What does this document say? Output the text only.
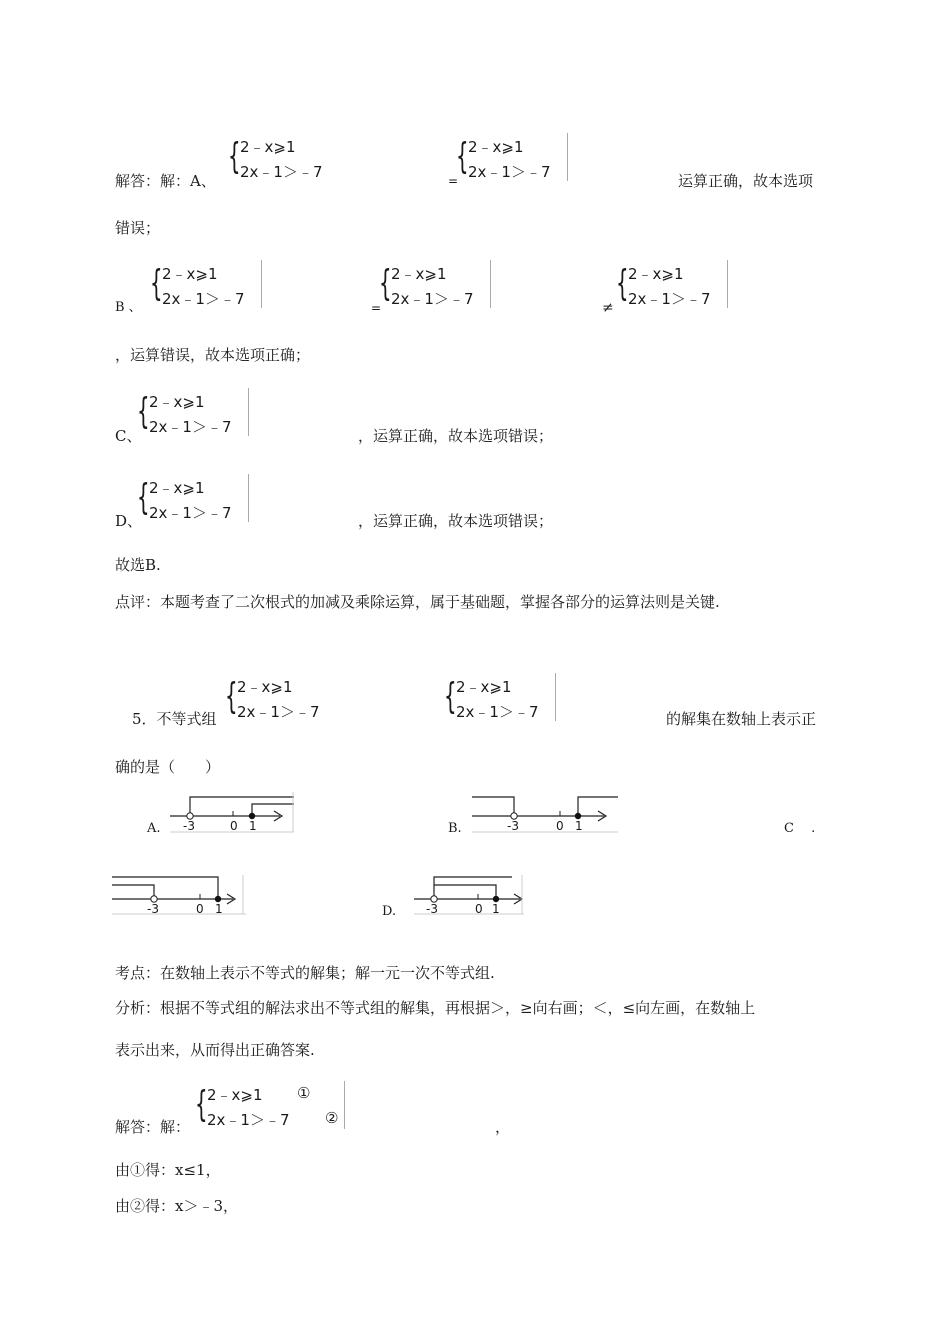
解答：解：A、
{ 2﹣x⩾1
2x﹣1＞﹣7	=
{ 2﹣x⩾1
2x﹣1＞﹣7	运算正确，故本选项
错误；
B 、
{ 2﹣x⩾1
2x﹣1＞﹣7	=
{ 2﹣x⩾1
2x﹣1＞﹣7	≠
{ 2﹣x⩾1
2x﹣1＞﹣7
，运算错误，故本选项正确；
C、
{ 2﹣x⩾1
2x﹣1＞﹣7	，运算正确，故本选项错误；
D、
{ 2﹣x⩾1
2x﹣1＞﹣7	，运算正确，故本选项错误；
故选B.
点评：本题考查了二次根式的加减及乘除运算，属于基础题，掌握各部分的运算法则是关键.
5．不等式组
{ 2﹣x⩾1
2x﹣1＞﹣7	{ 2﹣x⩾1
2x﹣1＞﹣7	的解集在数轴上表示正
确的是（　　）
A. -3	0 1	B.	-3	0 1	C　 .
-3	0 1	D. -3	0 1
考点：在数轴上表示不等式的解集；解一元一次不等式组.
分析：根据不等式组的解法求出不等式组的解集，再根据＞，≥向右画；＜，≤向左画，在数轴上
表示出来，从而得出正确答案.
解答：解：
{ 2﹣x⩾1
2x﹣1＞﹣7
①
②	，
由①得：x≤1，
由②得：x＞﹣3，
